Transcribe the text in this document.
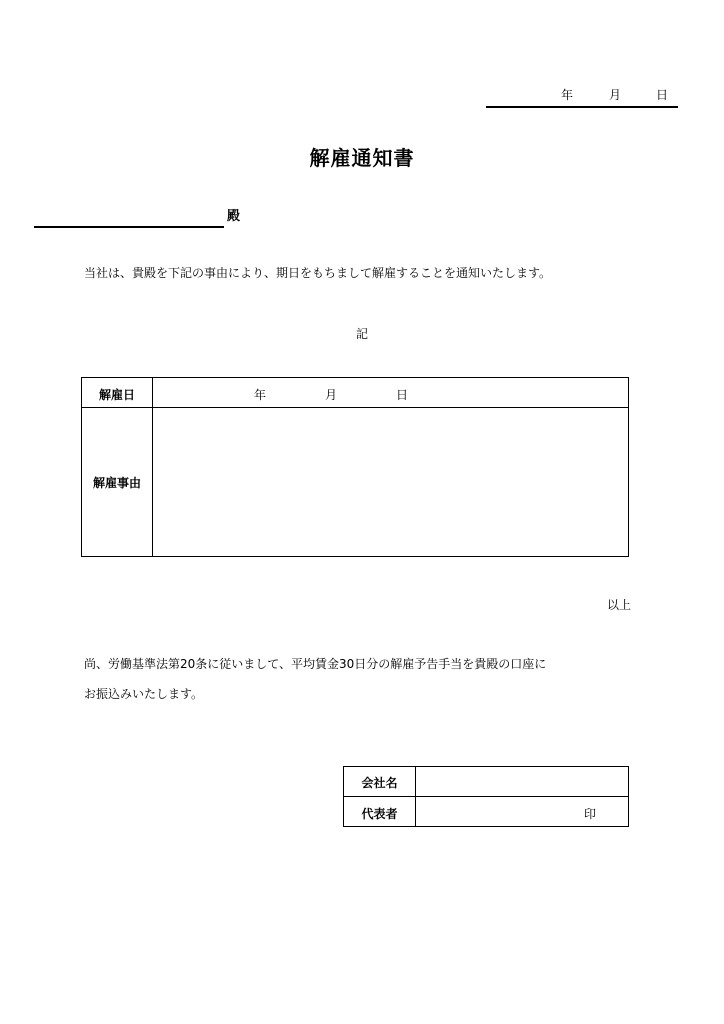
年	月	日
解雇通知書
殿
当社は、貴殿を下記の事由により、期日をもちまして解雇することを通知いたします。
記
解雇日	年	月	日
解雇事由
以上
尚、労働基準法第20条に従いまして、平均賃金30日分の解雇予告手当を貴殿の口座に
お振込みいたします。
会社名
代表者	印
